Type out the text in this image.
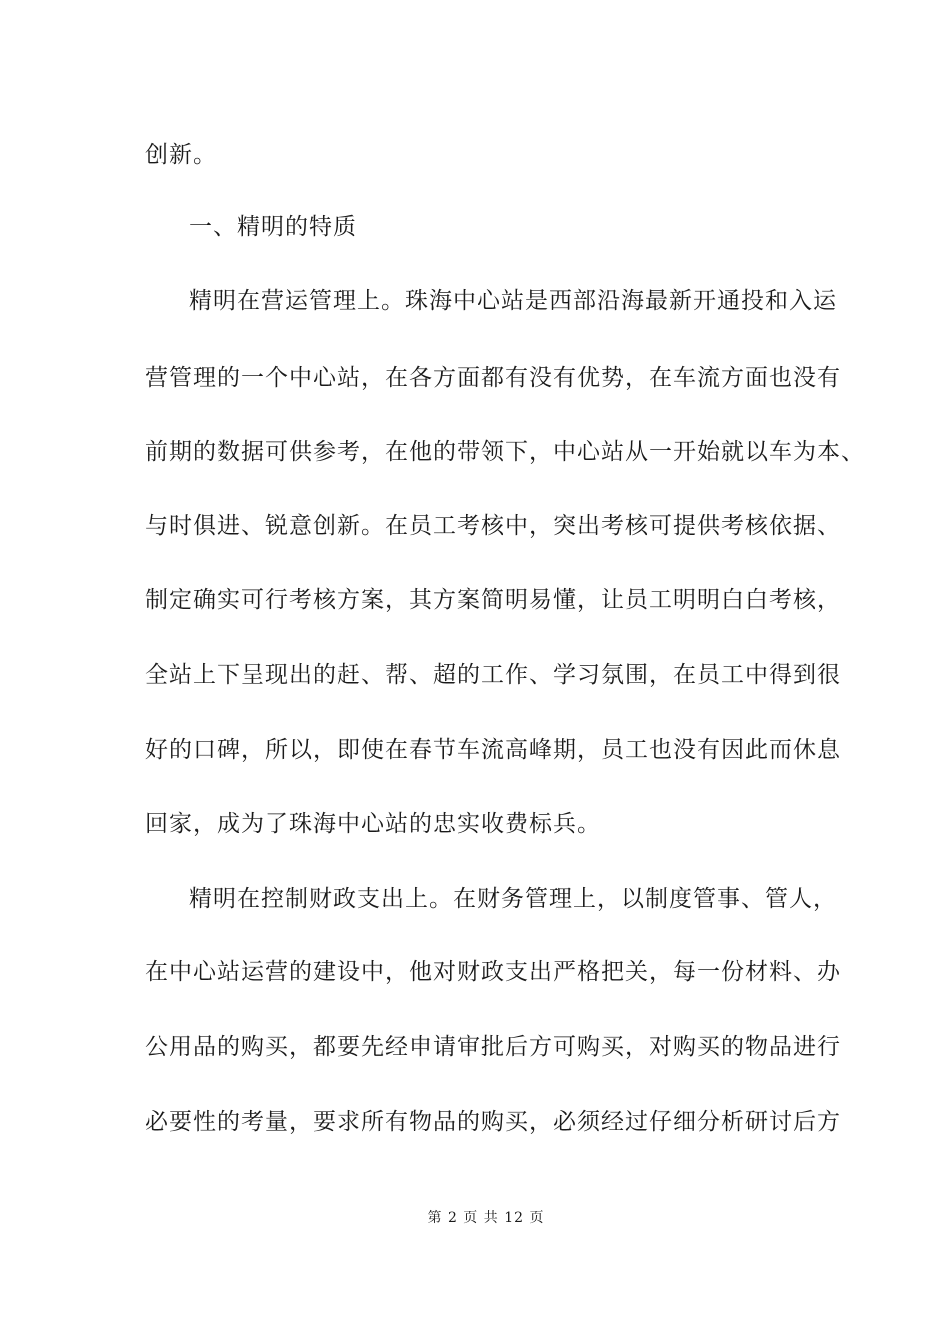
创新。
一、精明的特质
精明在营运管理上。珠海中心站是西部沿海最新开通投和入运
营管理的一个中心站，在各方面都有没有优势，在车流方面也没有
前期的数据可供参考，在他的带领下，中心站从一开始就以车为本、
与时俱进、锐意创新。在员工考核中，突出考核可提供考核依据、
制定确实可行考核方案，其方案简明易懂，让员工明明白白考核，
全站上下呈现出的赶、帮、超的工作、学习氛围，在员工中得到很
好的口碑，所以，即使在春节车流高峰期，员工也没有因此而休息
回家，成为了珠海中心站的忠实收费标兵。
精明在控制财政支出上。在财务管理上，以制度管事、管人，
在中心站运营的建设中，他对财政支出严格把关，每一份材料、办
公用品的购买，都要先经申请审批后方可购买，对购买的物品进行
必要性的考量，要求所有物品的购买，必须经过仔细分析研讨后方
第 2 页 共 12 页
